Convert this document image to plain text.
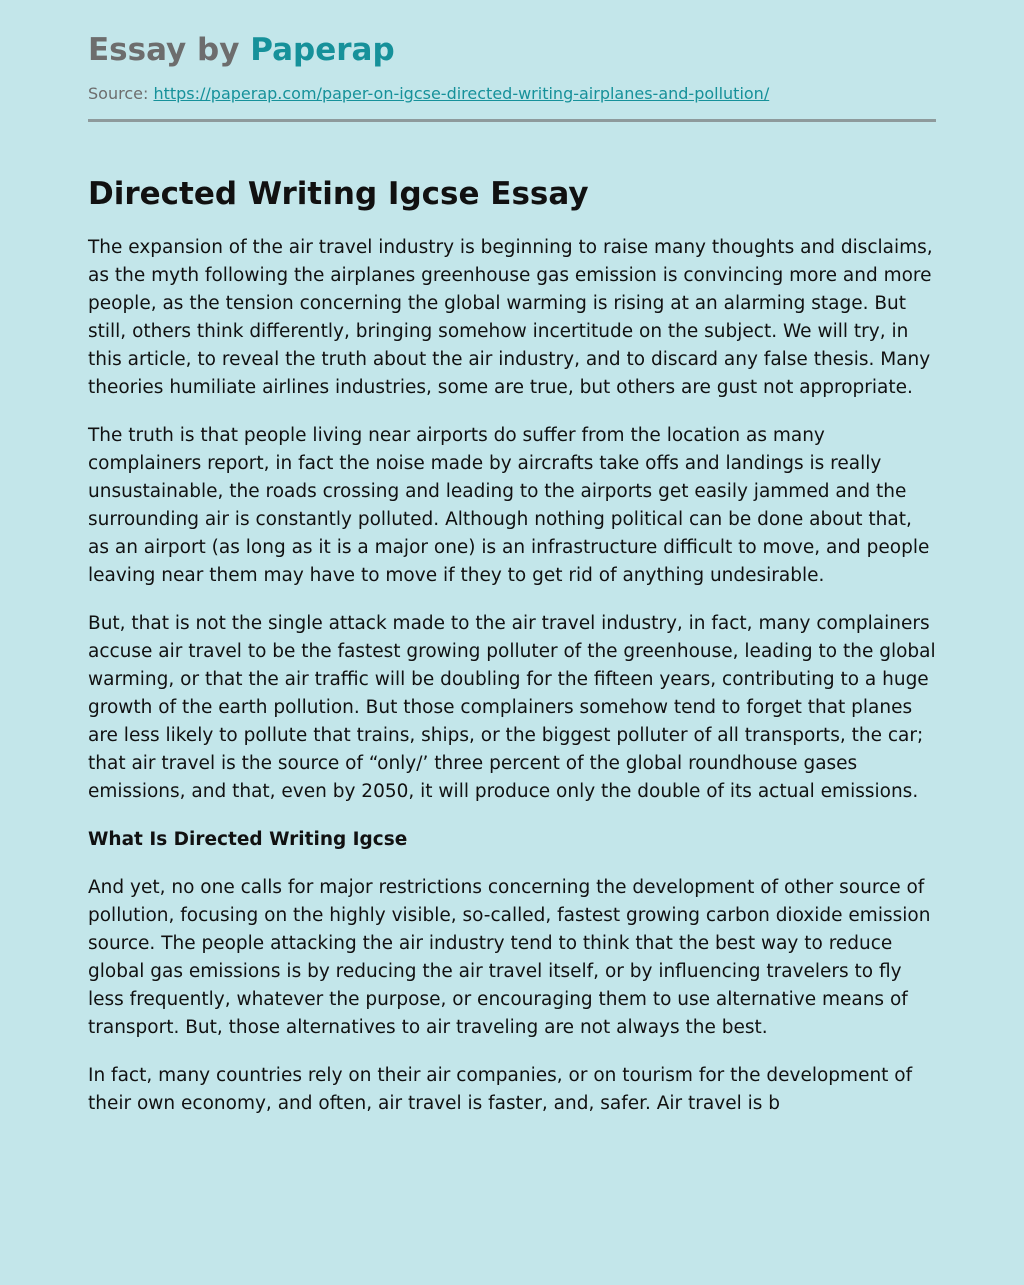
Essay by Paperap
Source: https://paperap.com/paper-on-igcse-directed-writing-airplanes-and-pollution/
Directed Writing Igcse Essay

The expansion of the air travel industry is beginning to raise many thoughts and disclaims, as the myth following the airplanes greenhouse gas emission is convincing more and more people, as the tension concerning the global warming is rising at an alarming stage. But still, others think differently, bringing somehow incertitude on the subject. We will try, in this article, to reveal the truth about the air industry, and to discard any false thesis. Many theories humiliate airlines industries, some are true, but others are gust not appropriate.

The truth is that people living near airports do suffer from the location as many complainers report, in fact the noise made by aircrafts take offs and landings is really unsustainable, the roads crossing and leading to the airports get easily jammed and the surrounding air is constantly polluted. Although nothing political can be done about that, as an airport (as long as it is a major one) is an infrastructure difficult to move, and people leaving near them may have to move if they to get rid of anything undesirable.

But, that is not the single attack made to the air travel industry, in fact, many complainers accuse air travel to be the fastest growing polluter of the greenhouse, leading to the global warming, or that the air traffic will be doubling for the fifteen years, contributing to a huge growth of the earth pollution. But those complainers somehow tend to forget that planes are less likely to pollute that trains, ships, or the biggest polluter of all transports, the car; that air travel is the source of “only/’ three percent of the global roundhouse gases emissions, and that, even by 2050, it will produce only the double of its actual emissions.

What Is Directed Writing Igcse

And yet, no one calls for major restrictions concerning the development of other source of pollution, focusing on the highly visible, so-called, fastest growing carbon dioxide emission source. The people attacking the air industry tend to think that the best way to reduce global gas emissions is by reducing the air travel itself, or by influencing travelers to fly less frequently, whatever the purpose, or encouraging them to use alternative means of transport. But, those alternatives to air traveling are not always the best.

In fact, many countries rely on their air companies, or on tourism for the development of their own economy, and often, air travel is faster, and, safer. Air travel is b
